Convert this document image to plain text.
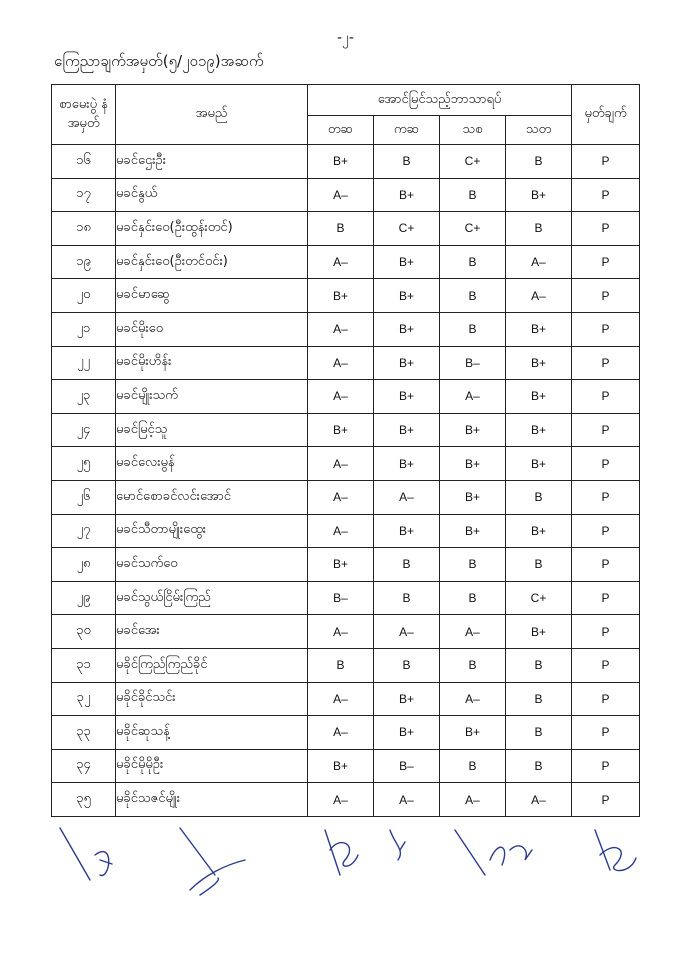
-၂-
ကြေညာချက်အမှတ်(၅/၂၀၁၉)အဆက်
စာမေးပွဲ နံအမှတ်	အမည်	အောင်မြင်သည့်ဘာသာရပ်				မှတ်ချက်
		တဆ	ကဆ	သစ	သတ	
၁၆	မခင်ဌေးဦး	B+	B	C+	B	P
၁၇	မခင်နွယ်	A–	B+	B	B+	P
၁၈	မခင်နှင်းဝေ(ဦးထွန်းတင်)	B	C+	C+	B	P
၁၉	မခင်နှင်းဝေ(ဦးတင်ဝင်း)	A–	B+	B	A–	P
၂၀	မခင်မာဆွေ	B+	B+	B	A–	P
၂၁	မခင်မိုးဝေ	A–	B+	B	B+	P
၂၂	မခင်မိုးဟိန်း	A–	B+	B–	B+	P
၂၃	မခင်မျိုးသက်	A–	B+	A–	B+	P
၂၄	မခင်မြင့်သူ	B+	B+	B+	B+	P
၂၅	မခင်လေးမွန်	A–	B+	B+	B+	P
၂၆	မောင်စောခင်လင်းအောင်	A–	A–	B+	B	P
၂၇	မခင်သီတာမျိုးထွေး	A–	B+	B+	B+	P
၂၈	မခင်သက်ဝေ	B+	B	B	B	P
၂၉	မခင်သွယ်ငြိမ်းကြည်	B–	B	B	C+	P
၃၀	မခင်အေး	A–	A–	A–	B+	P
၃၁	မခိုင်ကြည်ကြည်ခိုင်	B	B	B	B	P
၃၂	မခိုင်ခိုင်သင်း	A–	B+	A–	B	P
၃၃	မခိုင်ဆုသန့်	A–	B+	B+	B	P
၃၄	မခိုင်မိုမိုဦး	B+	B–	B	B	P
၃၅	မခိုင်သဇင်မျိုး	A–	A–	A–	A–	P
